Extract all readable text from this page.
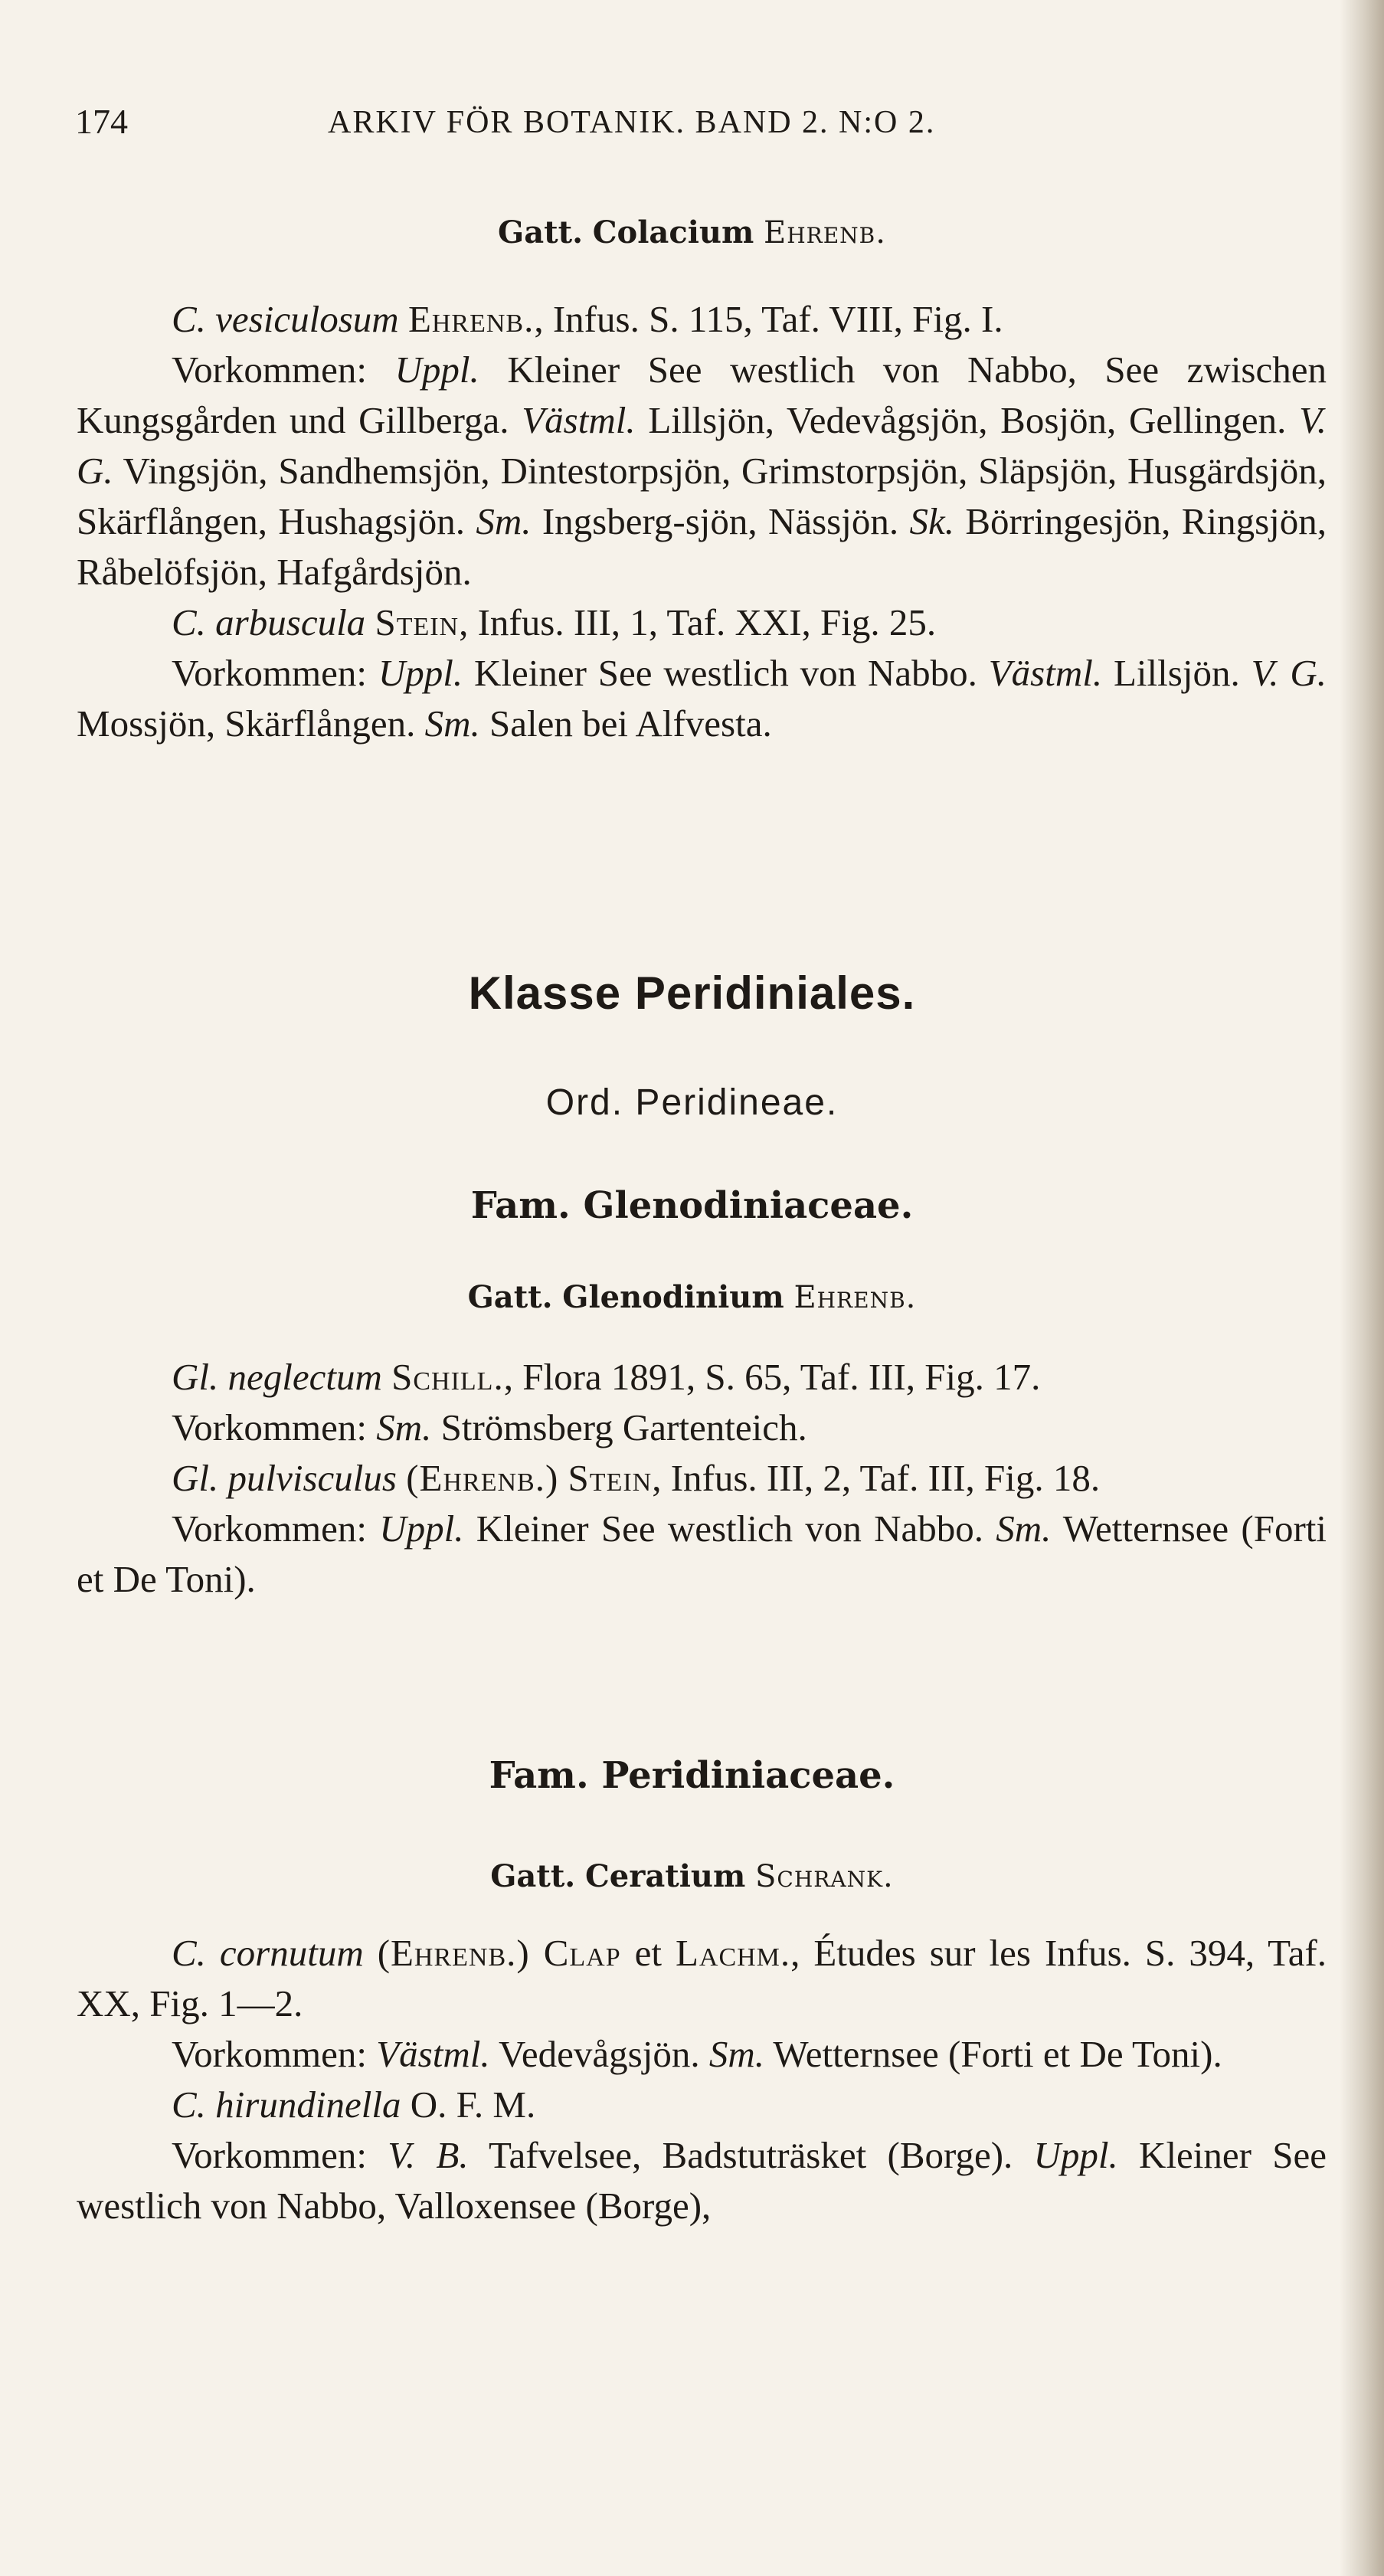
174	ARKIV FÖR BOTANIK. BAND 2. N:O 2.
Gatt. Colacium Ehrenb.

C. vesiculosum Ehrenb., Infus. S. 115, Taf. VIII, Fig. I.

Vorkommen: Uppl. Kleiner See westlich von Nabbo, See zwischen Kungsgården und Gillberga. Västml. Lillsjön, Vedevågsjön, Bosjön, Gellingen. V. G. Vingsjön, Sandhemsjön, Dintestorpsjön, Grimstorpsjön, Släpsjön, Husgärdsjön, Skärflången, Hushagsjön. Sm. Ingsberg-sjön, Nässjön. Sk. Börringesjön, Ringsjön, Råbelöfsjön, Hafgårdsjön.

C. arbuscula Stein, Infus. III, 1, Taf. XXI, Fig. 25.

Vorkommen: Uppl. Kleiner See westlich von Nabbo. Västml. Lillsjön. V. G. Mossjön, Skärflången. Sm. Salen bei Alfvesta.

Klasse Peridiniales.
Ord. Peridineae.
Fam. Glenodiniaceae.
Gatt. Glenodinium Ehrenb.

Gl. neglectum Schill., Flora 1891, S. 65, Taf. III, Fig. 17.

Vorkommen: Sm. Strömsberg Gartenteich.

Gl. pulvisculus (Ehrenb.) Stein, Infus. III, 2, Taf. III, Fig. 18.

Vorkommen: Uppl. Kleiner See westlich von Nabbo. Sm. Wetternsee (Forti et De Toni).

Fam. Peridiniaceae.
Gatt. Ceratium Schrank.

C. cornutum (Ehrenb.) Clap et Lachm., Études sur les Infus. S. 394, Taf. XX, Fig. 1—2.

Vorkommen: Västml. Vedevågsjön. Sm. Wetternsee (Forti et De Toni).

C. hirundinella O. F. M.

Vorkommen: V. B. Tafvelsee, Badstuträsket (Borge). Uppl. Kleiner See westlich von Nabbo, Valloxensee (Borge),
